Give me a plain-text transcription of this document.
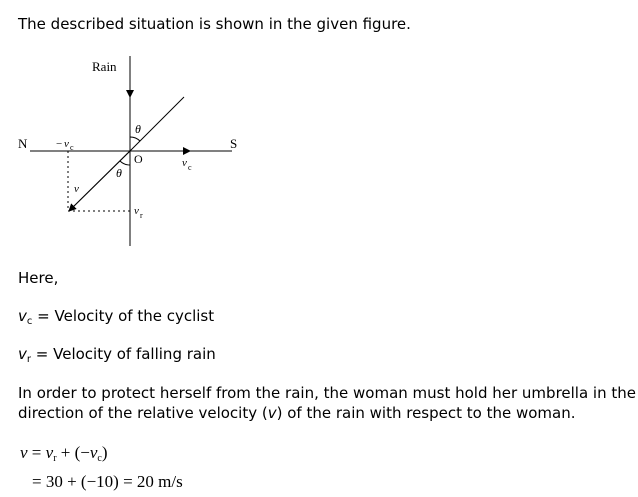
The described situation is shown in the given figure.
Rain
N	S
O
θ
θ
− v c
v c
v
v r
Here,
$v_c$ = Velocity of the cyclist
$v_r$ = Velocity of falling rain
In order to protect herself from the rain, the woman must hold her umbrella in the direction of the relative velocity (v) of the rain with respect to the woman.
$v = v_r + (-v_c)$
= 30 + (−10) = 20 m/s
